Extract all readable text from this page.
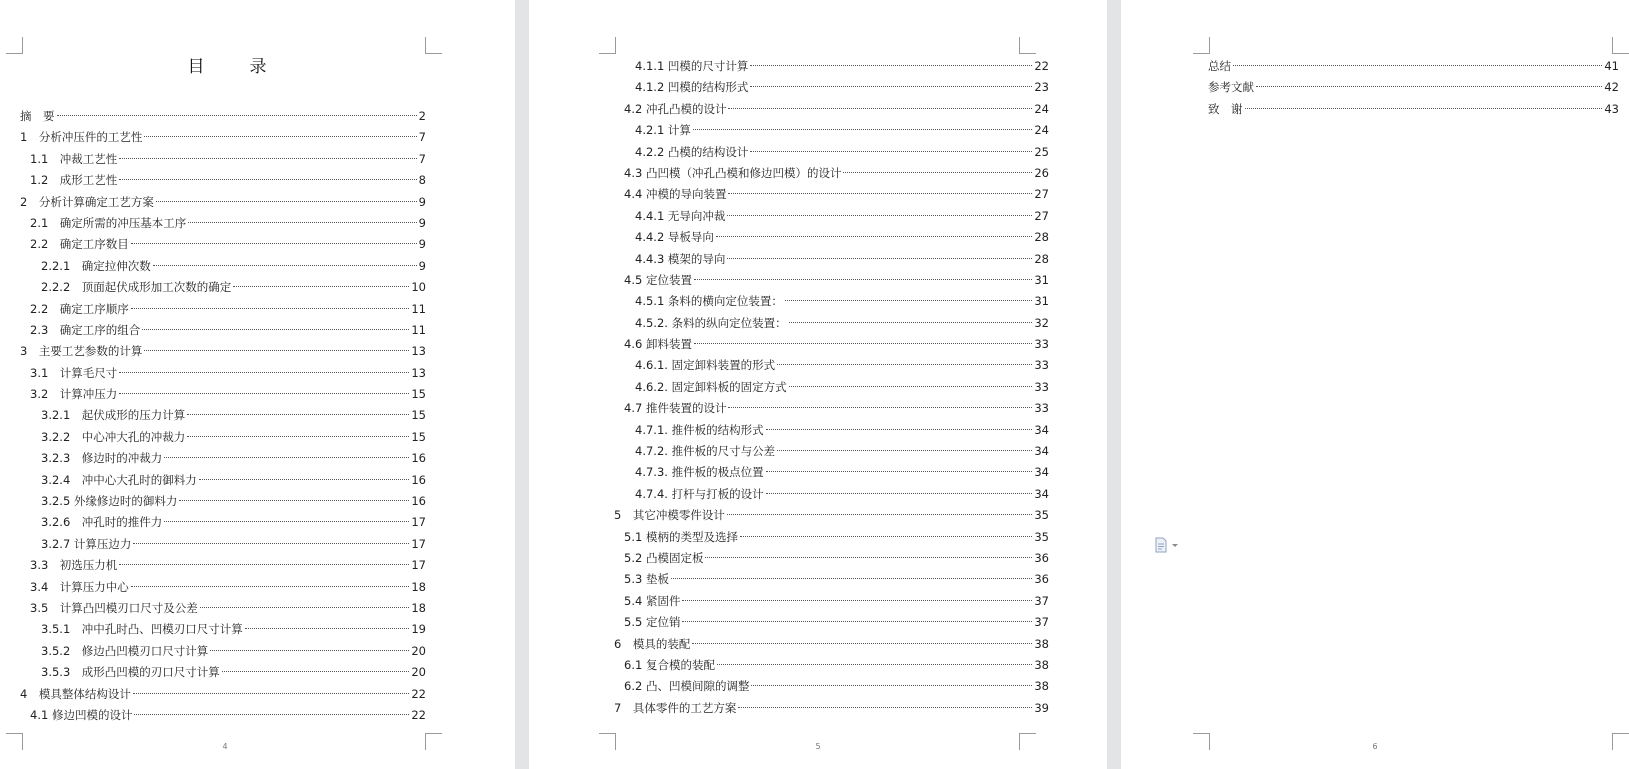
目　录
摘　要	2
1　分析冲压件的工艺性	7
1.1　冲裁工艺性	7
1.2　成形工艺性	8
2　分析计算确定工艺方案	9
2.1　确定所需的冲压基本工序	9
2.2　确定工序数目	9
2.2.1　确定拉伸次数	9
2.2.2　顶面起伏成形加工次数的确定	10
2.2　确定工序顺序	11
2.3　确定工序的组合	11
3　主要工艺参数的计算	13
3.1　计算毛尺寸	13
3.2　计算冲压力	15
3.2.1　起伏成形的压力计算	15
3.2.2　中心冲大孔的冲裁力	15
3.2.3　修边时的冲裁力	16
3.2.4　冲中心大孔时的御料力	16
3.2.5 外缘修边时的御料力	16
3.2.6　冲孔时的推件力	17
3.2.7 计算压边力	17
3.3　初选压力机	17
3.4　计算压力中心	18
3.5　计算凸凹模刃口尺寸及公差	18
3.5.1　冲中孔时凸、凹模刃口尺寸计算	19
3.5.2　修边凸凹模刃口尺寸计算	20
3.5.3　成形凸凹模的刃口尺寸计算	20
4　模具整体结构设计	22
4.1 修边凹模的设计	22
4
4.1.1 凹模的尺寸计算	22
4.1.2 凹模的结构形式	23
4.2 冲孔凸模的设计	24
4.2.1 计算	24
4.2.2 凸模的结构设计	25
4.3 凸凹模（冲孔凸模和修边凹模）的设计	26
4.4 冲模的导向装置	27
4.4.1 无导向冲裁	27
4.4.2 导板导向	28
4.4.3 模架的导向	28
4.5 定位装置	31
4.5.1 条料的横向定位装置：	31
4.5.2. 条料的纵向定位装置：	32
4.6 卸料装置	33
4.6.1. 固定卸料装置的形式	33
4.6.2. 固定卸料板的固定方式	33
4.7 推件装置的设计	33
4.7.1. 推件板的结构形式	34
4.7.2. 推件板的尺寸与公差	34
4.7.3. 推件板的极点位置	34
4.7.4. 打杆与打板的设计	34
5　其它冲模零件设计	35
5.1 模柄的类型及选择	35
5.2 凸模固定板	36
5.3 垫板	36
5.4 紧固件	37
5.5 定位销	37
6　模具的装配	38
6.1 复合模的装配	38
6.2 凸、凹模间隙的调整	38
7　具体零件的工艺方案	39
5
总结	41
参考文献	42
致　谢	43
6
